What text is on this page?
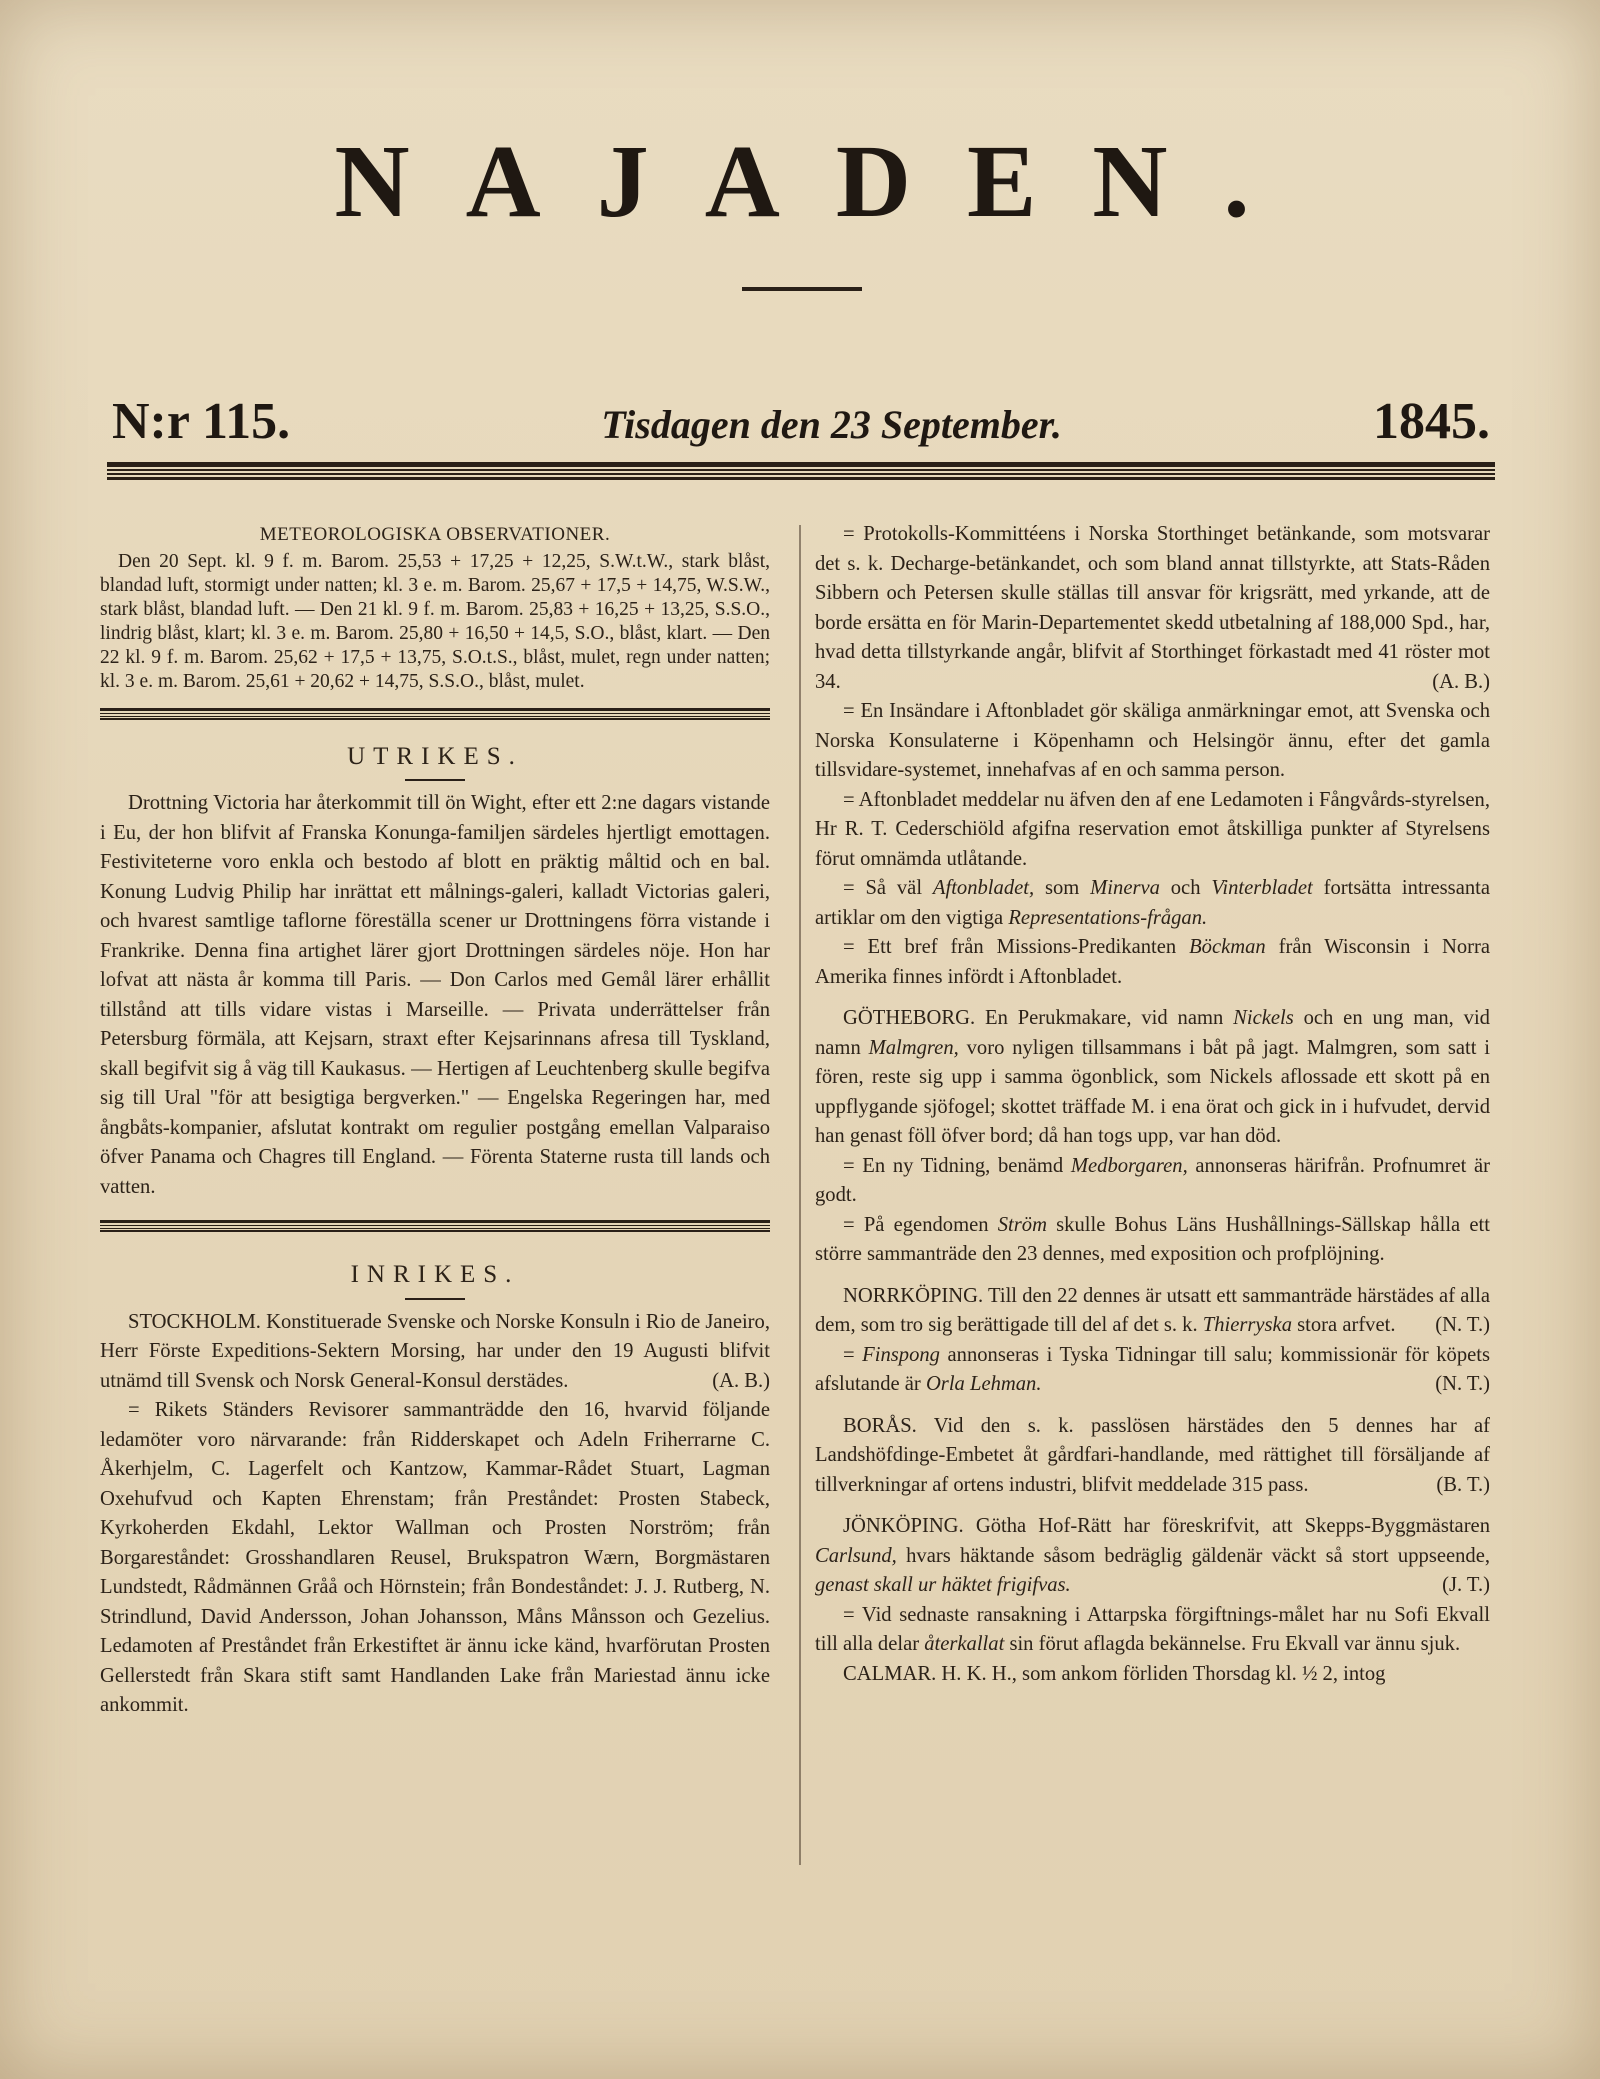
NAJADEN.
N:r 115.	Tisdagen den 23 September.	1845.
METEOROLOGISKA OBSERVATIONER.

Den 20 Sept. kl. 9 f. m. Barom. 25,53 + 17,25 + 12,25, S.W.t.W., stark blåst, blandad luft, stormigt under natten; kl. 3 e. m. Barom. 25,67 + 17,5 + 14,75, W.S.W., stark blåst, blandad luft. — Den 21 kl. 9 f. m. Barom. 25,83 + 16,25 + 13,25, S.S.O., lindrig blåst, klart; kl. 3 e. m. Barom. 25,80 + 16,50 + 14,5, S.O., blåst, klart. — Den 22 kl. 9 f. m. Barom. 25,62 + 17,5 + 13,75, S.O.t.S., blåst, mulet, regn under natten; kl. 3 e. m. Barom. 25,61 + 20,62 + 14,75, S.S.O., blåst, mulet.

UTRIKES.

Drottning Victoria har återkommit till ön Wight, efter ett 2:ne dagars vistande i Eu, der hon blifvit af Franska Konunga-familjen särdeles hjertligt emottagen. Festiviteterne voro enkla och bestodo af blott en präktig måltid och en bal. Konung Ludvig Philip har inrättat ett målnings-galeri, kalladt Victorias galeri, och hvarest samtlige taflorne föreställa scener ur Drottningens förra vistande i Frankrike. Denna fina artighet lärer gjort Drottningen särdeles nöje. Hon har lofvat att nästa år komma till Paris. — Don Carlos med Gemål lärer erhållit tillstånd att tills vidare vistas i Marseille. — Privata underrättelser från Petersburg förmäla, att Kejsarn, straxt efter Kejsarinnans afresa till Tyskland, skall begifvit sig å väg till Kaukasus. — Hertigen af Leuchtenberg skulle begifva sig till Ural "för att besigtiga bergverken." — Engelska Regeringen har, med ångbåts-kompanier, afslutat kontrakt om regulier postgång emellan Valparaiso öfver Panama och Chagres till England. — Förenta Staterne rusta till lands och vatten.

INRIKES.

STOCKHOLM. Konstituerade Svenske och Norske Konsuln i Rio de Janeiro, Herr Förste Expeditions-Sektern Morsing, har under den 19 Augusti blifvit utnämd till Svensk och Norsk General-Konsul derstädes.	(A. B.)

= Rikets Ständers Revisorer sammanträdde den 16, hvarvid följande ledamöter voro närvarande: från Ridderskapet och Adeln Friherrarne C. Åkerhjelm, C. Lagerfelt och Kantzow, Kammar-Rådet Stuart, Lagman Oxehufvud och Kapten Ehrenstam; från Preståndet: Prosten Stabeck, Kyrkoherden Ekdahl, Lektor Wallman och Prosten Norström; från Borgareståndet: Grosshandlaren Reusel, Brukspatron Wærn, Borgmästaren Lundstedt, Rådmännen Gråå och Hörnstein; från Bondeståndet: J. J. Rutberg, N. Strindlund, David Andersson, Johan Johansson, Måns Månsson och Gezelius. Ledamoten af Preståndet från Erkestiftet är ännu icke känd, hvarförutan Prosten Gellerstedt från Skara stift samt Handlanden Lake från Mariestad ännu icke ankommit.

= Protokolls-Kommittéens i Norska Storthinget betänkande, som motsvarar det s. k. Decharge-betänkandet, och som bland annat tillstyrkte, att Stats-Råden Sibbern och Petersen skulle ställas till ansvar för krigsrätt, med yrkande, att de borde ersätta en för Marin-Departementet skedd utbetalning af 188,000 Spd., har, hvad detta tillstyrkande angår, blifvit af Storthinget förkastadt med 41 röster mot 34.	(A. B.)

= En Insändare i Aftonbladet gör skäliga anmärkningar emot, att Svenska och Norska Konsulaterne i Köpenhamn och Helsingör ännu, efter det gamla tillsvidare-systemet, innehafvas af en och samma person.

= Aftonbladet meddelar nu äfven den af ene Ledamoten i Fångvårds-styrelsen, Hr R. T. Cederschiöld afgifna reservation emot åtskilliga punkter af Styrelsens förut omnämda utlåtande.

= Så väl Aftonbladet, som Minerva och Vinterbladet fortsätta intressanta artiklar om den vigtiga Representations-frågan.

= Ett bref från Missions-Predikanten Böckman från Wisconsin i Norra Amerika finnes infördt i Aftonbladet.

GÖTHEBORG. En Perukmakare, vid namn Nickels och en ung man, vid namn Malmgren, voro nyligen tillsammans i båt på jagt. Malmgren, som satt i fören, reste sig upp i samma ögonblick, som Nickels aflossade ett skott på en uppflygande sjöfogel; skottet träffade M. i ena örat och gick in i hufvudet, dervid han genast föll öfver bord; då han togs upp, var han död.

= En ny Tidning, benämd Medborgaren, annonseras härifrån. Profnumret är godt.

= På egendomen Ström skulle Bohus Läns Hushållnings-Sällskap hålla ett större sammanträde den 23 dennes, med exposition och profplöjning.

NORRKÖPING. Till den 22 dennes är utsatt ett sammanträde härstädes af alla dem, som tro sig berättigade till del af det s. k. Thierryska stora arfvet.	(N. T.)

= Finspong annonseras i Tyska Tidningar till salu; kommissionär för köpets afslutande är Orla Lehman.	(N. T.)

BORÅS. Vid den s. k. passlösen härstädes den 5 dennes har af Landshöfdinge-Embetet åt gårdfari-handlande, med rättighet till försäljande af tillverkningar af ortens industri, blifvit meddelade 315 pass.	(B. T.)

JÖNKÖPING. Götha Hof-Rätt har föreskrifvit, att Skepps-Byggmästaren Carlsund, hvars häktande såsom bedräglig gäldenär väckt så stort uppseende, genast skall ur häktet frigifvas.	(J. T.)

= Vid sednaste ransakning i Attarpska förgiftnings-målet har nu Sofi Ekvall till alla delar återkallat sin förut aflagda bekännelse. Fru Ekvall var ännu sjuk.

CALMAR. H. K. H., som ankom förliden Thorsdag kl. ½ 2, intog
